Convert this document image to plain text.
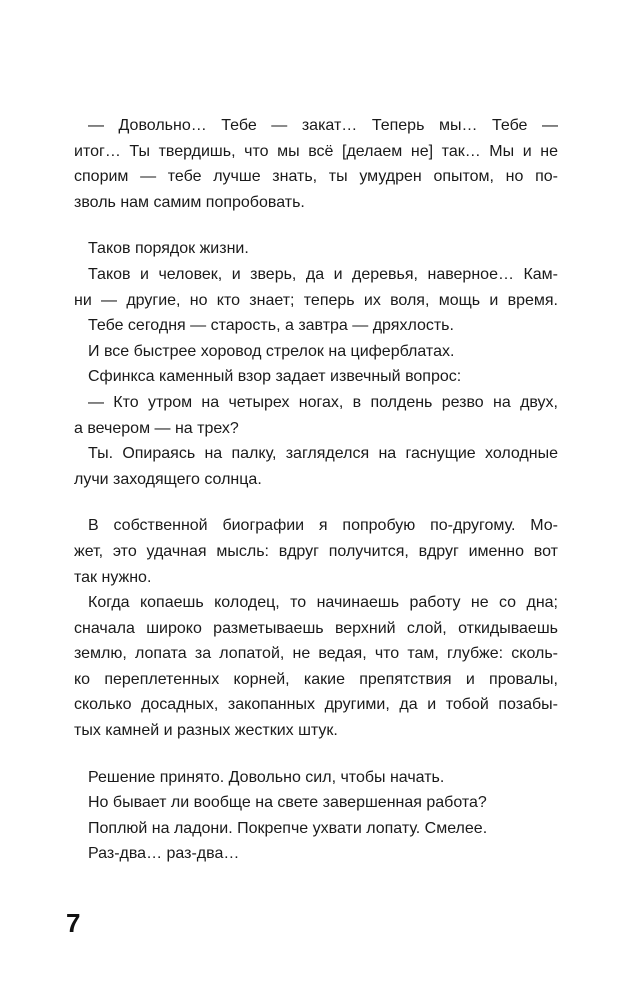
— Довольно… Тебе — закат… Теперь мы… Тебе —
итог… Ты твердишь, что мы всё [делаем не] так… Мы и не
спорим — тебе лучше знать, ты умудрен опытом, но по-
зволь нам самим попробовать.
Таков порядок жизни.
Таков и человек, и зверь, да и деревья, наверное… Кам-
ни — другие, но кто знает; теперь их воля, мощь и время.
Тебе сегодня — старость, а завтра — дряхлость.
И все быстрее хоровод стрелок на циферблатах.
Сфинкса каменный взор задает извечный вопрос:
— Кто утром на четырех ногах, в полдень резво на двух,
а вечером — на трех?
Ты. Опираясь на палку, загляделся на гаснущие холодные
лучи заходящего солнца.
В собственной биографии я попробую по-другому. Мо-
жет, это удачная мысль: вдруг получится, вдруг именно вот
так нужно.
Когда копаешь колодец, то начинаешь работу не со дна;
сначала широко разметываешь верхний слой, откидываешь
землю, лопата за лопатой, не ведая, что там, глубже: сколь-
ко переплетенных корней, какие препятствия и провалы,
сколько досадных, закопанных другими, да и тобой позабы-
тых камней и разных жестких штук.
Решение принято. Довольно сил, чтобы начать.
Но бывает ли вообще на свете завершенная работа?
Поплюй на ладони. Покрепче ухвати лопату. Смелее.
Раз-два… раз-два…
7
